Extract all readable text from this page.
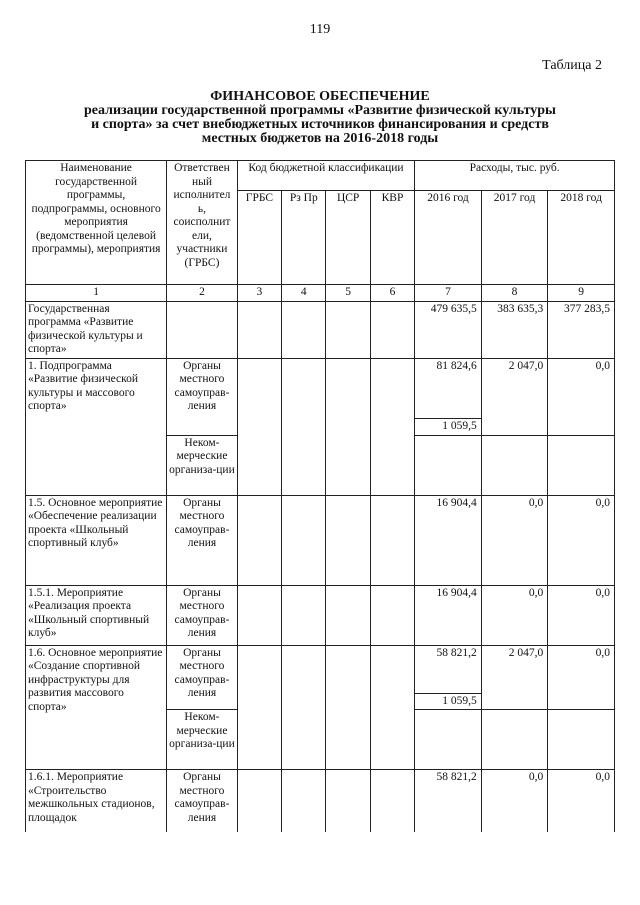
119
Таблица 2
ФИНАНСОВОЕ ОБЕСПЕЧЕНИЕ
реализации государственной программы «Развитие физической культуры
и спорта» за счет внебюджетных источников финансирования и средств
местных бюджетов на 2016-2018 годы
Наименование государственной программы, подпрограммы, основного мероприятия (ведомственной целевой программы), мероприятия	Ответствен ный исполнител ь, соисполнит ели, участники (ГРБС)	Код бюджетной классификации				Расходы, тыс. руб.		
		ГРБС	Рз Пр	ЦСР	КВР	2016 год	2017 год	2018 год
1	2	3	4	5	6	7	8	9
Государственная программа «Развитие физической культуры и спорта»						479 635,5	383 635,3	377 283,5
1. Подпрограмма «Развитие физической культуры и массового спорта»	Органы местного самоуправ-ления					81 824,6	2 047,0	0,0
						1 059,5		
	Неком-мерческие организа-ции							
1.5. Основное мероприятие «Обеспечение реализации проекта «Школьный спортивный клуб»	Органы местного самоуправ-ления					16 904,4	0,0	0,0
1.5.1. Мероприятие «Реализация проекта «Школьный спортивный клуб»	Органы местного самоуправ-ления					16 904,4	0,0	0,0
1.6. Основное мероприятие «Создание спортивной инфраструктуры для развития массового спорта»	Органы местного самоуправ-ления					58 821,2	2 047,0	0,0
						1 059,5		
	Неком-мерческие организа-ции							
1.6.1. Мероприятие «Строительство межшкольных стадионов, площадок	Органы местного самоуправ-ления					58 821,2	0,0	0,0
